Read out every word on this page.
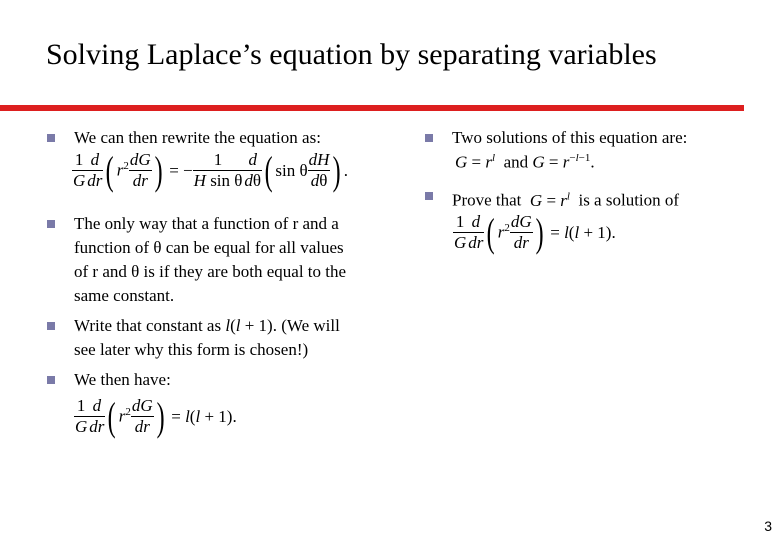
Solving Laplace’s equation by separating variables
We can then rewrite the equation as:
$\frac{1}{G} \frac{d}{dr}$ ( $r^2 \frac{dG}{dr}$ ) = − $\frac{1}{\text{H sin θ}} \frac{d}{d\theta}$ ( sin θ $\frac{dH}{d\theta}$ ) .
The only way that a function of r and a
function of θ can be equal for all values
of r and θ is if they are both equal to the
same constant.
Write that constant as l(l + 1). (We will
see later why this form is chosen!)
We then have:
$\frac{1}{G} \frac{d}{dr}$ ( $r^2 \frac{dG}{dr}$ ) = l(l + 1).
Two solutions of this equation are:
$G = r^l$  and $G = r^{-l-1}$.
Prove that $G = r^l$ is a solution of
$\frac{1}{G} \frac{d}{dr}$ ( $r^2 \frac{dG}{dr}$ ) = l(l + 1).
3
